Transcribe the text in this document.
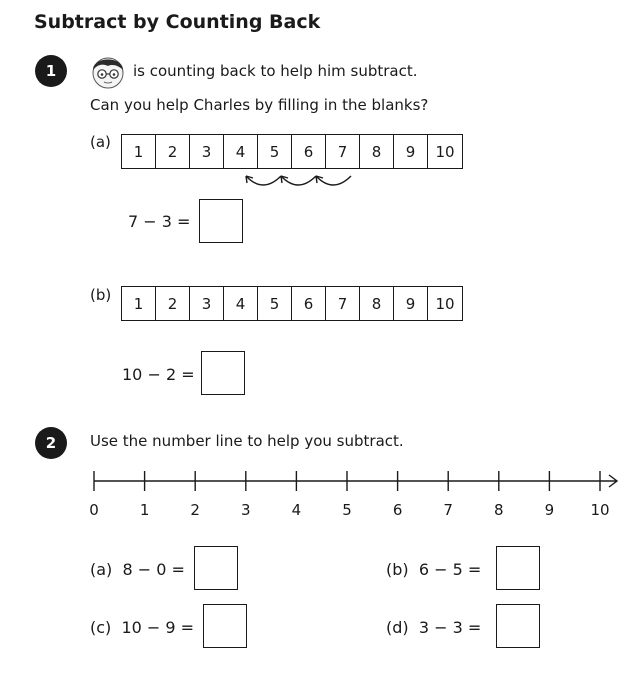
Subtract by Counting Back
1	is counting back to help him subtract.
Can you help Charles by filling in the blanks?
(a)
1	2	3	4	5	6	7	8	9	10
7 − 3 =
(b)	1	2	3	4	5	6	7	8	9	10
10 − 2 =
2 Use the number line to help you subtract.
0	1	2	3	4	5	6	7	8	9	10
(a) 8 − 0 =	(b) 6 − 5 =
(c) 10 − 9 =	(d) 3 − 3 =
